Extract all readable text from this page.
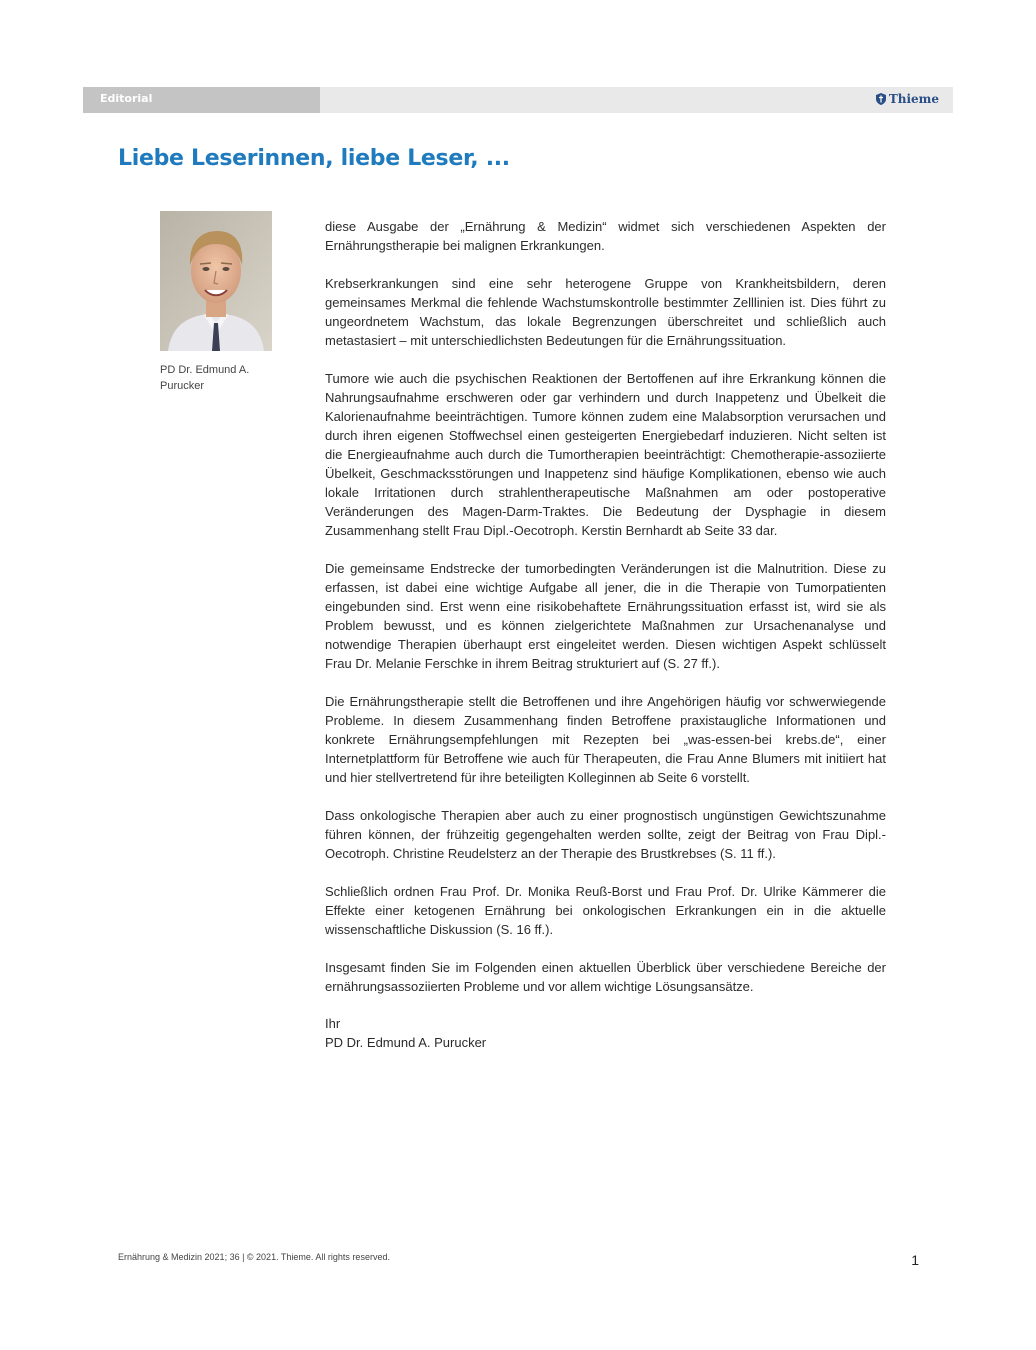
Editorial	Thieme
Liebe Leserinnen, liebe Leser, ...
PD Dr. Edmund A.
Purucker

diese Ausgabe der „Ernährung & Medizin“ widmet sich verschiedenen Aspekten der Ernährungstherapie bei malignen Erkrankungen.

Krebserkrankungen sind eine sehr heterogene Gruppe von Krankheitsbildern, deren gemeinsames Merkmal die fehlende Wachstumskontrolle bestimmter Zelllinien ist. Dies führt zu ungeordnetem Wachstum, das lokale Begrenzungen überschreitet und schließlich auch metastasiert – mit unterschiedlichsten Bedeutungen für die Ernährungssituation.

Tumore wie auch die psychischen Reaktionen der Bertoffenen auf ihre Erkrankung können die Nahrungsaufnahme erschweren oder gar verhindern und durch Inappetenz und Übelkeit die Kalorienaufnahme beeinträchtigen. Tumore können zudem eine Malabsorption verursachen und durch ihren eigenen Stoffwechsel einen gesteigerten Energiebedarf induzieren. Nicht selten ist die Energieaufnahme auch durch die Tumortherapien beeinträchtigt: Chemotherapie-assoziierte Übelkeit, Geschmacksstörungen und Inappetenz sind häufige Komplikationen, ebenso wie auch lokale Irritationen durch strahlentherapeutische Maßnahmen am oder postoperative Veränderungen des Magen-Darm-Traktes. Die Bedeutung der Dysphagie in diesem Zusammenhang stellt Frau Dipl.-Oecotroph. Kerstin Bernhardt ab Seite 33 dar.

Die gemeinsame Endstrecke der tumorbedingten Veränderungen ist die Malnutrition. Diese zu erfassen, ist dabei eine wichtige Aufgabe all jener, die in die Therapie von Tumorpatienten eingebunden sind. Erst wenn eine risikobehaftete Ernährungssituation erfasst ist, wird sie als Problem bewusst, und es können zielgerichtete Maßnahmen zur Ursachenanalyse und notwendige Therapien überhaupt erst eingeleitet werden. Diesen wichtigen Aspekt schlüsselt Frau Dr. Melanie Ferschke in ihrem Beitrag strukturiert auf (S. 27 ff.).

Die Ernährungstherapie stellt die Betroffenen und ihre Angehörigen häufig vor schwerwiegende Probleme. In diesem Zusammenhang finden Betroffene praxistaugliche Informationen und konkrete Ernährungsempfehlungen mit Rezepten bei „was-essen-bei krebs.de“, einer Internetplattform für Betroffene wie auch für Therapeuten, die Frau Anne Blumers mit initiiert hat und hier stellvertretend für ihre beteiligten Kolleginnen ab Seite 6 vorstellt.

Dass onkologische Therapien aber auch zu einer prognostisch ungünstigen Gewichtszunahme führen können, der frühzeitig gegengehalten werden sollte, zeigt der Beitrag von Frau Dipl.-Oecotroph. Christine Reudelsterz an der Therapie des Brustkrebses (S. 11 ff.).

Schließlich ordnen Frau Prof. Dr. Monika Reuß-Borst und Frau Prof. Dr. Ulrike Kämmerer die Effekte einer ketogenen Ernährung bei onkologischen Erkrankungen ein in die aktuelle wissenschaftliche Diskussion (S. 16 ff.).

Insgesamt finden Sie im Folgenden einen aktuellen Überblick über verschiedene Bereiche der ernährungsassoziierten Probleme und vor allem wichtige Lösungsansätze.

Ihr
PD Dr. Edmund A. Purucker
Ernährung & Medizin 2021; 36 | © 2021. Thieme. All rights reserved.	1
